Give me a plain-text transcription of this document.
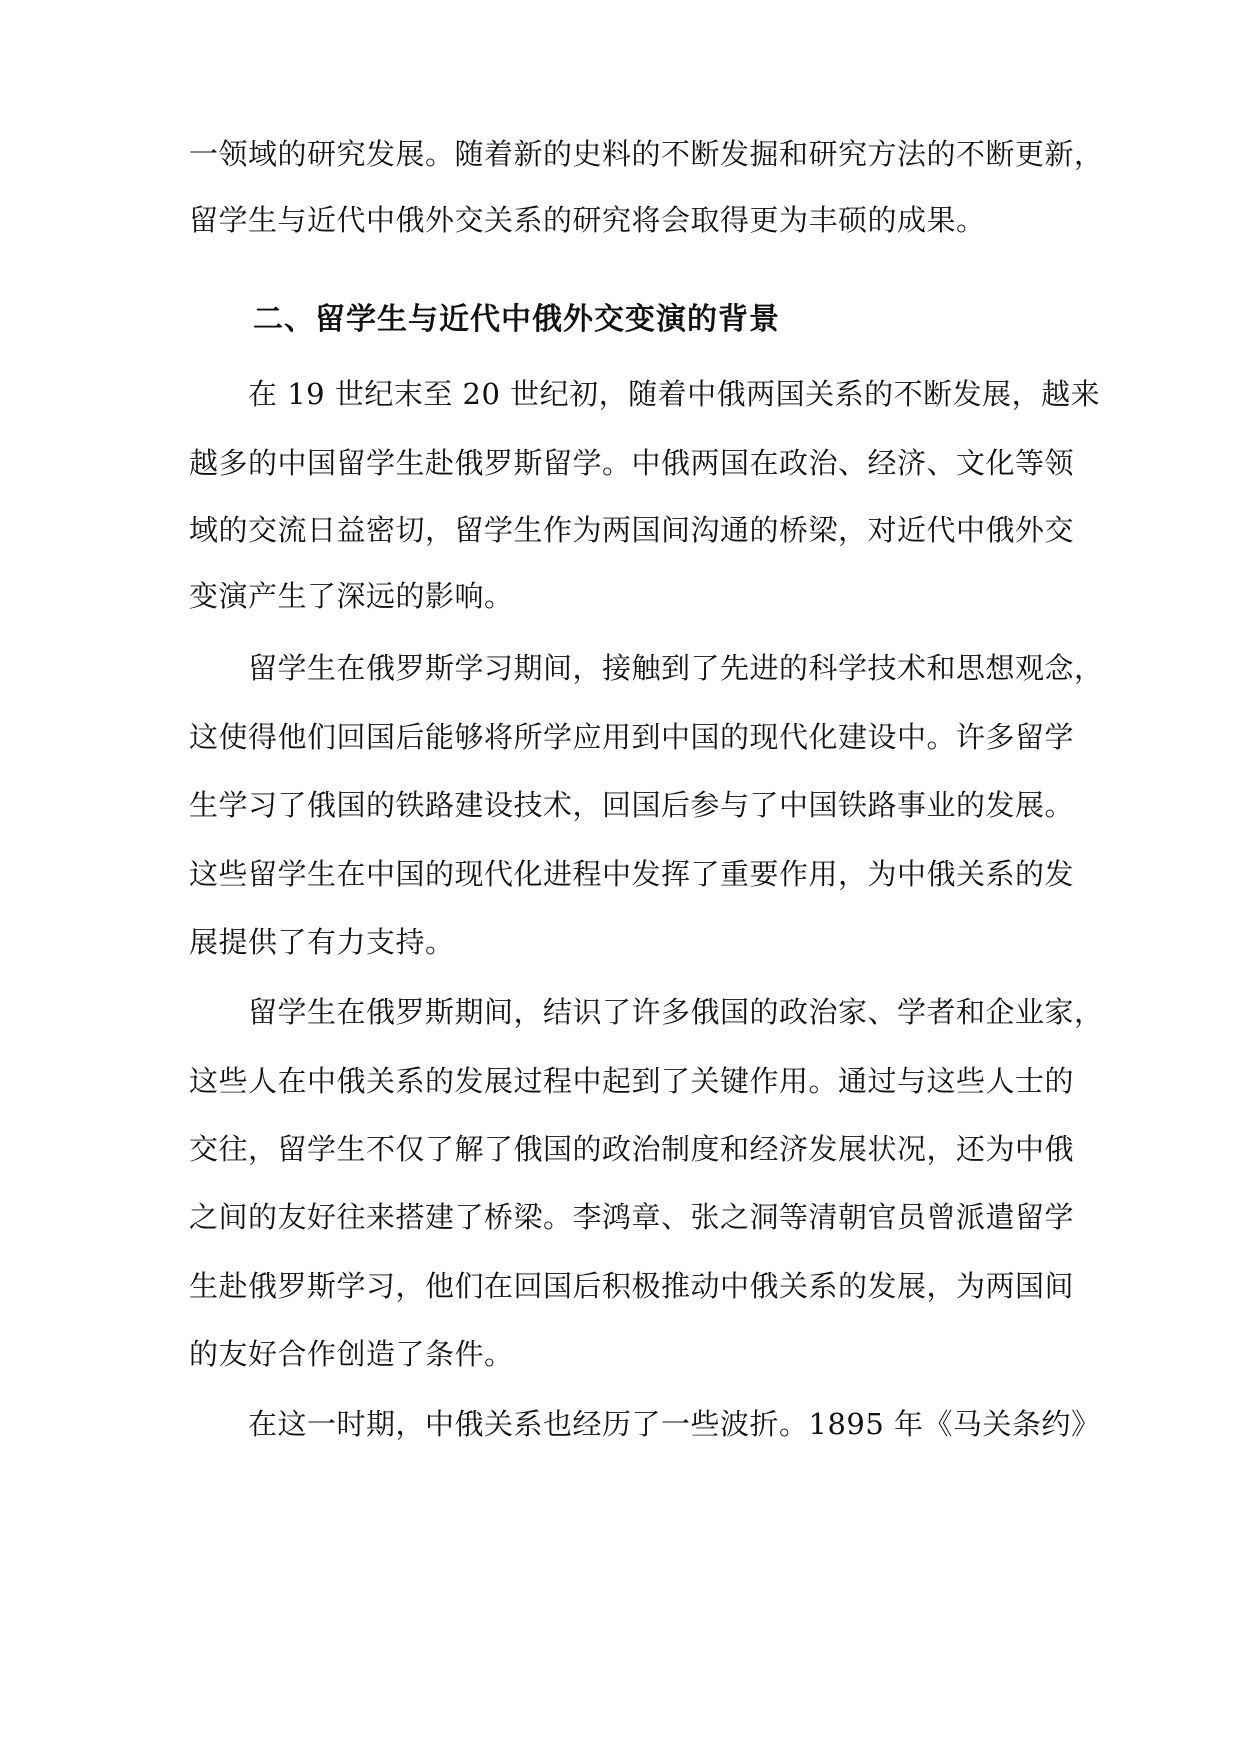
一领域的研究发展。随着新的史料的不断发掘和研究方法的不断更新，

留学生与近代中俄外交关系的研究将会取得更为丰硕的成果。

二、留学生与近代中俄外交变演的背景

在 19 世纪末至 20 世纪初，随着中俄两国关系的不断发展，越来

越多的中国留学生赴俄罗斯留学。中俄两国在政治、经济、文化等领

域的交流日益密切，留学生作为两国间沟通的桥梁，对近代中俄外交

变演产生了深远的影响。

留学生在俄罗斯学习期间，接触到了先进的科学技术和思想观念，

这使得他们回国后能够将所学应用到中国的现代化建设中。许多留学

生学习了俄国的铁路建设技术，回国后参与了中国铁路事业的发展。

这些留学生在中国的现代化进程中发挥了重要作用，为中俄关系的发

展提供了有力支持。

留学生在俄罗斯期间，结识了许多俄国的政治家、学者和企业家，

这些人在中俄关系的发展过程中起到了关键作用。通过与这些人士的

交往，留学生不仅了解了俄国的政治制度和经济发展状况，还为中俄

之间的友好往来搭建了桥梁。李鸿章、张之洞等清朝官员曾派遣留学

生赴俄罗斯学习，他们在回国后积极推动中俄关系的发展，为两国间

的友好合作创造了条件。

在这一时期，中俄关系也经历了一些波折。1895 年《马关条约》
